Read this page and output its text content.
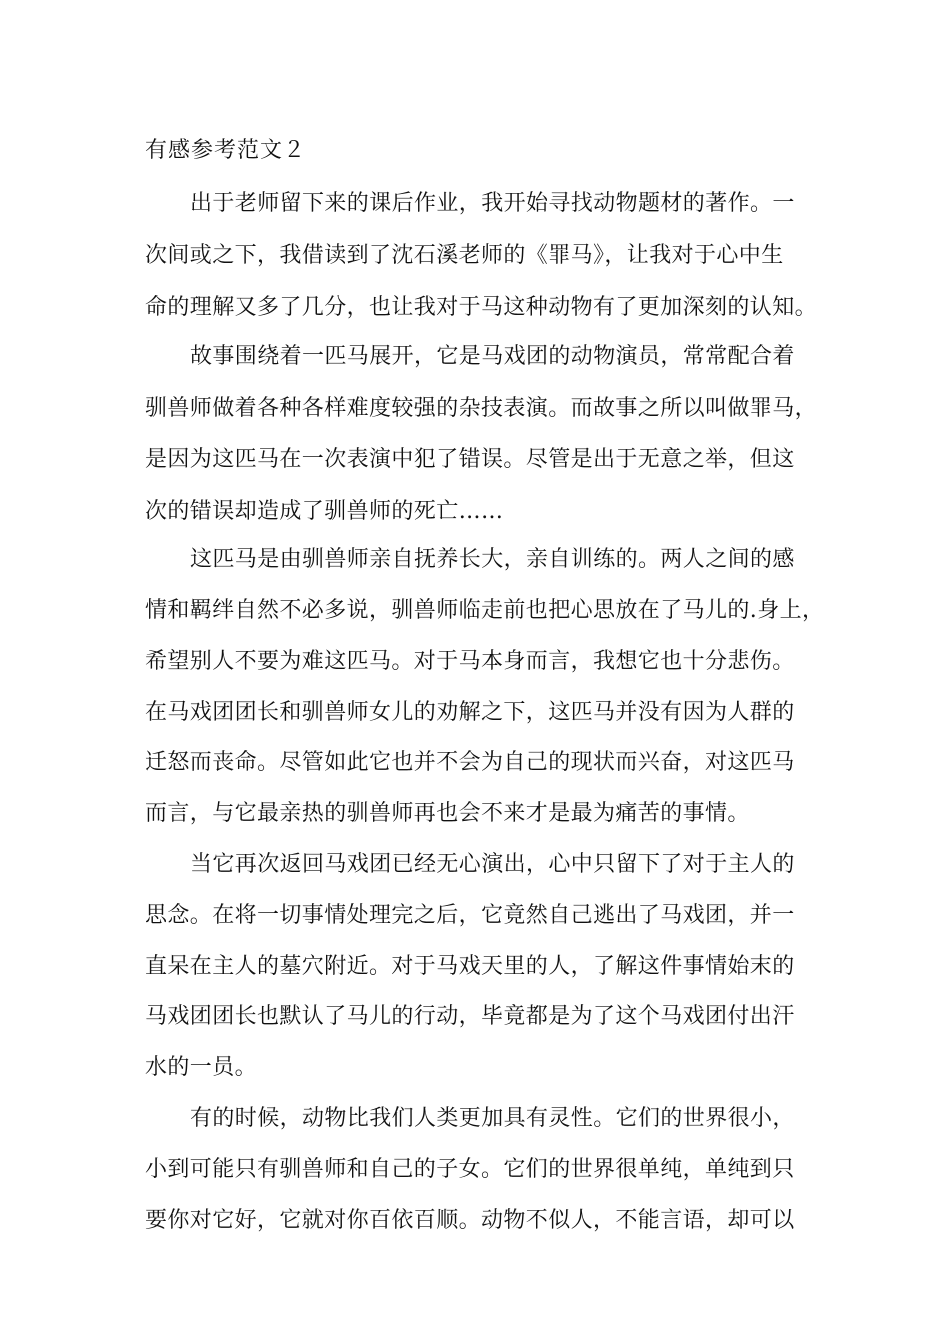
有感参考范文２
出于老师留下来的课后作业，我开始寻找动物题材的著作。一
次间或之下，我借读到了沈石溪老师的《罪马》，让我对于心中生
命的理解又多了几分，也让我对于马这种动物有了更加深刻的认知。
故事围绕着一匹马展开，它是马戏团的动物演员，常常配合着
驯兽师做着各种各样难度较强的杂技表演。而故事之所以叫做罪马，
是因为这匹马在一次表演中犯了错误。尽管是出于无意之举，但这
次的错误却造成了驯兽师的死亡……
这匹马是由驯兽师亲自抚养长大，亲自训练的。两人之间的感
情和羁绊自然不必多说，驯兽师临走前也把心思放在了马儿的.身上，
希望别人不要为难这匹马。对于马本身而言，我想它也十分悲伤。
在马戏团团长和驯兽师女儿的劝解之下，这匹马并没有因为人群的
迁怒而丧命。尽管如此它也并不会为自己的现状而兴奋，对这匹马
而言，与它最亲热的驯兽师再也会不来才是最为痛苦的事情。
当它再次返回马戏团已经无心演出，心中只留下了对于主人的
思念。在将一切事情处理完之后，它竟然自己逃出了马戏团，并一
直呆在主人的墓穴附近。对于马戏天里的人，了解这件事情始末的
马戏团团长也默认了马儿的行动，毕竟都是为了这个马戏团付出汗
水的一员。
有的时候，动物比我们人类更加具有灵性。它们的世界很小，
小到可能只有驯兽师和自己的子女。它们的世界很单纯，单纯到只
要你对它好，它就对你百依百顺。动物不似人，不能言语，却可以
